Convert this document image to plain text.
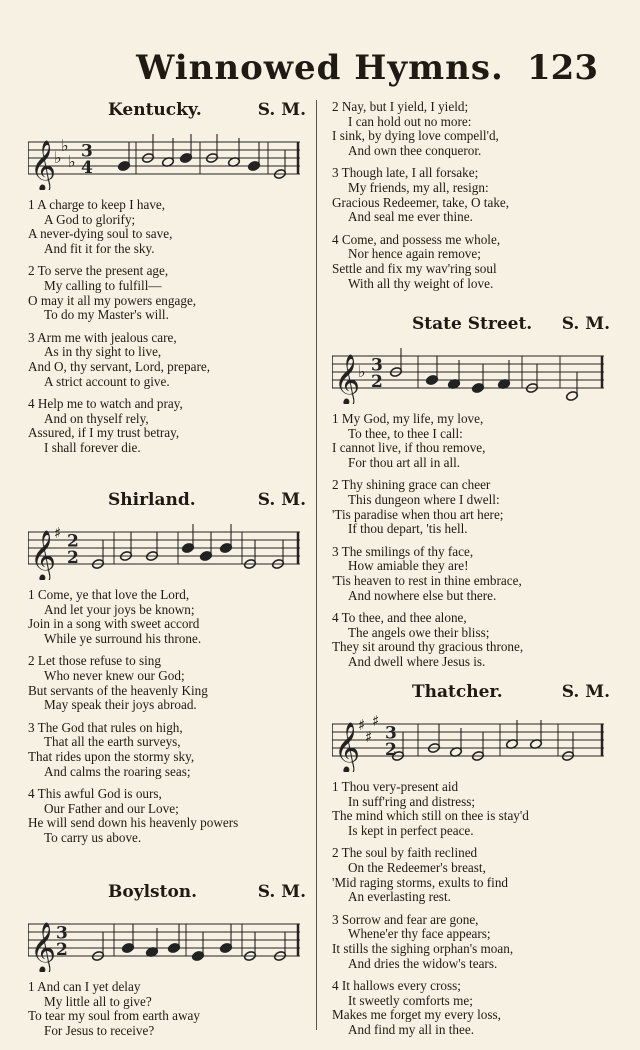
Winnowed Hymns. 123
Kentucky.	S. M.
𝄞
♭
♭
♭
3
4
1 A charge to keep I have,
A God to glorify;
A never-dying soul to save,
And fit it for the sky.
2 To serve the present age,
My calling to fulfill—
O may it all my powers engage,
To do my Master's will.
3 Arm me with jealous care,
As in thy sight to live,
And O, thy servant, Lord, prepare,
A strict account to give.
4 Help me to watch and pray,
And on thyself rely,
Assured, if I my trust betray,
I shall forever die.
Shirland.	S. M.
𝄞
♯ 2
2
1 Come, ye that love the Lord,
And let your joys be known;
Join in a song with sweet accord
While ye surround his throne.
2 Let those refuse to sing
Who never knew our God;
But servants of the heavenly King
May speak their joys abroad.
3 The God that rules on high,
That all the earth surveys,
That rides upon the stormy sky,
And calms the roaring seas;
4 This awful God is ours,
Our Father and our Love;
He will send down his heavenly powers
To carry us above.
Boylston.	S. M.
𝄞 3
2
1 And can I yet delay
My little all to give?
To tear my soul from earth away
For Jesus to receive?
2 Nay, but I yield, I yield;
I can hold out no more:
I sink, by dying love compell'd,
And own thee conqueror.
3 Though late, I all forsake;
My friends, my all, resign:
Gracious Redeemer, take, O take,
And seal me ever thine.
4 Come, and possess me whole,
Nor hence again remove;
Settle and fix my wav'ring soul
With all thy weight of love.
State Street. S. M.
𝄞
♭ 3
2
1 My God, my life, my love,
To thee, to thee I call:
I cannot live, if thou remove,
For thou art all in all.
2 Thy shining grace can cheer
This dungeon where I dwell:
'Tis paradise when thou art here;
If thou depart, 'tis hell.
3 The smilings of thy face,
How amiable they are!
'Tis heaven to rest in thine embrace,
And nowhere else but there.
4 To thee, and thee alone,
The angels owe their bliss;
They sit around thy gracious throne,
And dwell where Jesus is.
Thatcher.	S. M.
𝄞
♯
♯
♯
3
2
1 Thou very-present aid
In suff'ring and distress;
The mind which still on thee is stay'd
Is kept in perfect peace.
2 The soul by faith reclined
On the Redeemer's breast,
'Mid raging storms, exults to find
An everlasting rest.
3 Sorrow and fear are gone,
Whene'er thy face appears;
It stills the sighing orphan's moan,
And dries the widow's tears.
4 It hallows every cross;
It sweetly comforts me;
Makes me forget my every loss,
And find my all in thee.
